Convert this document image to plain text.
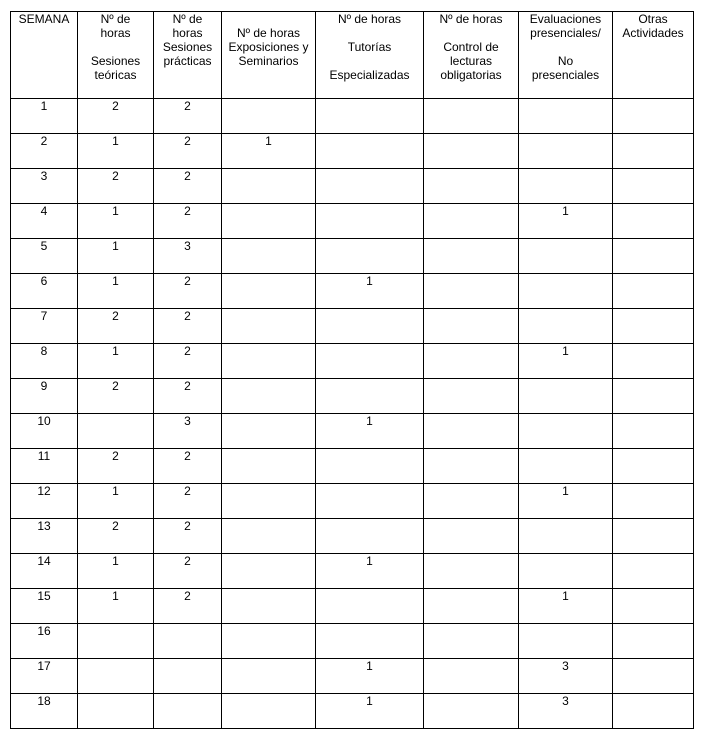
SEMANA	Nº de
horas
Sesiones
teóricas	Nº de
horas
Sesiones
prácticas	Nº de horas
Exposiciones y
Seminarios	Nº de horas
Tutorías
Especializadas	Nº de horas
Control de
lecturas
obligatorias	Evaluaciones
presenciales/
No
presenciales	Otras
Actividades

1	2	2					

2	1	2	1				

3	2	2					

4	1	2				1	

5	1	3					

6	1	2		1			

7	2	2					

8	1	2				1	

9	2	2					

10		3		1			

11	2	2					

12	1	2				1	

13	2	2					

14	1	2		1			

15	1	2				1	

16							

17				1		3	

18				1		3	
